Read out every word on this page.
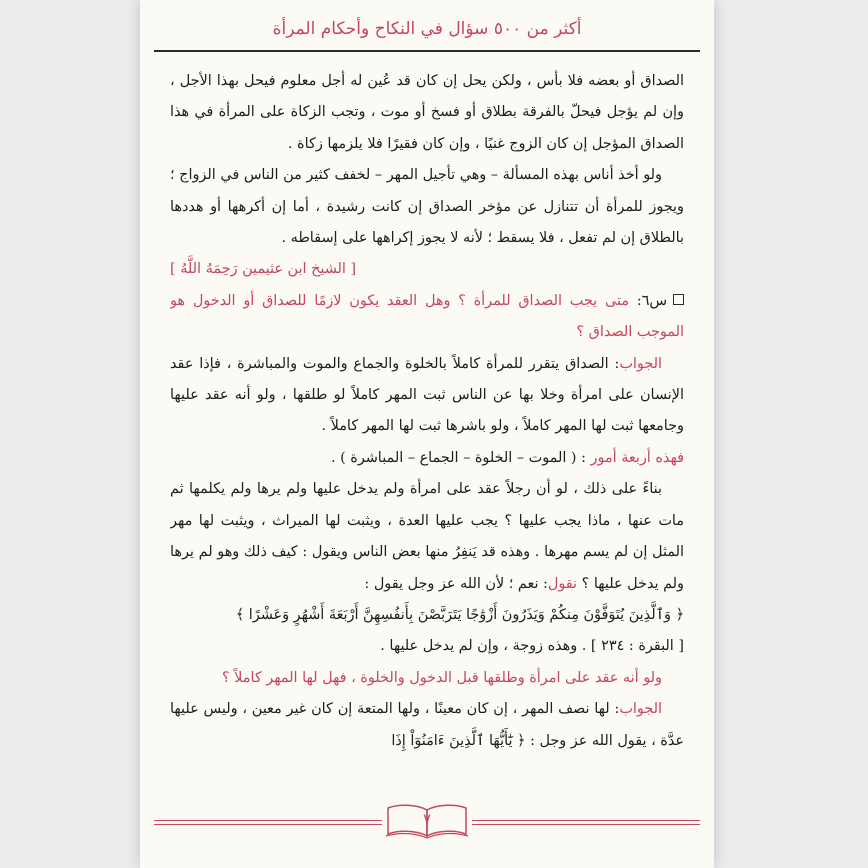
أكثر من ٥٠٠ سؤال في النكاح وأحكام المرأة

الصداق أو بعضه فلا بأس ، ولكن يحل إن كان قد عُين له أجل معلوم فيحل بهذا الأجل ، وإن لم يؤجل فيحلّ بالفرقة بطلاق أو فسخ أو موت ، وتجب الزكاة على المرأة في هذا الصداق المؤجل إن كان الزوج غنيًا ، وإن كان فقيرًا فلا يلزمها زكاة .

ولو أخذ أناس بهذه المسألة – وهي تأجيل المهر – لخفف كثير من الناس في الزواج ؛ ويجوز للمرأة أن تتنازل عن مؤخر الصداق إن كانت رشيدة ، أما إن أكرهها أو هددها بالطلاق إن لم تفعل ، فلا يسقط ؛ لأنه لا يجوز إكراهها على إسقاطه .

[ الشيخ ابن عثيمين رَحِمَهُ اللَّهُ ]

س٦: متى يجب الصداق للمرأة ؟ وهل العقد يكون لازمًا للصداق أو الدخول هو الموجب الصداق ؟

الجواب: الصداق يتقرر للمرأة كاملاً بالخلوة والجماع والموت والمباشرة ، فإذا عقد الإنسان على امرأة وخلا بها عن الناس ثبت المهر كاملاً لو طلقها ، ولو أنه عقد عليها وجامعها ثبت لها المهر كاملاً ، ولو باشرها ثبت لها المهر كاملاً .

فهذه أربعة أمور : ( الموت – الخلوة – الجماع – المباشرة ) .

بناءً على ذلك ، لو أن رجلاً عقد على امرأة ولم يدخل عليها ولم يرها ولم يكلمها ثم مات عنها ، ماذا يجب عليها ؟ يجب عليها العدة ، ويثبت لها الميراث ، ويثبت لها مهر المثل إن لم يسم مهرها . وهذه قد يَنفِرُ منها بعض الناس ويقول : كيف ذلك وهو لم يرها ولم يدخل عليها ؟ نقول: نعم ؛ لأن الله عز وجل يقول :

﴿ وَٱلَّذِينَ يُتَوَفَّوْنَ مِنكُمْ وَيَذَرُونَ أَزْوَٰجًا يَتَرَبَّصْنَ بِأَنفُسِهِنَّ أَرْبَعَةَ أَشْهُرٍ وَعَشْرًا ﴾

[ البقرة : ٢٣٤ ] . وهذه زوجة ، وإن لم يدخل عليها .

ولو أنه عقد على امرأة وطلقها قبل الدخول والخلوة ، فهل لها المهر كاملاً ؟

الجواب: لها نصف المهر ، إن كان معينًا ، ولها المتعة إن كان غير معين ، وليس عليها عدَّة ، يقول الله عز وجل : ﴿ يَٰٓأَيُّهَا ٱلَّذِينَ ءَامَنُوٓاْ إِذَا

٧
